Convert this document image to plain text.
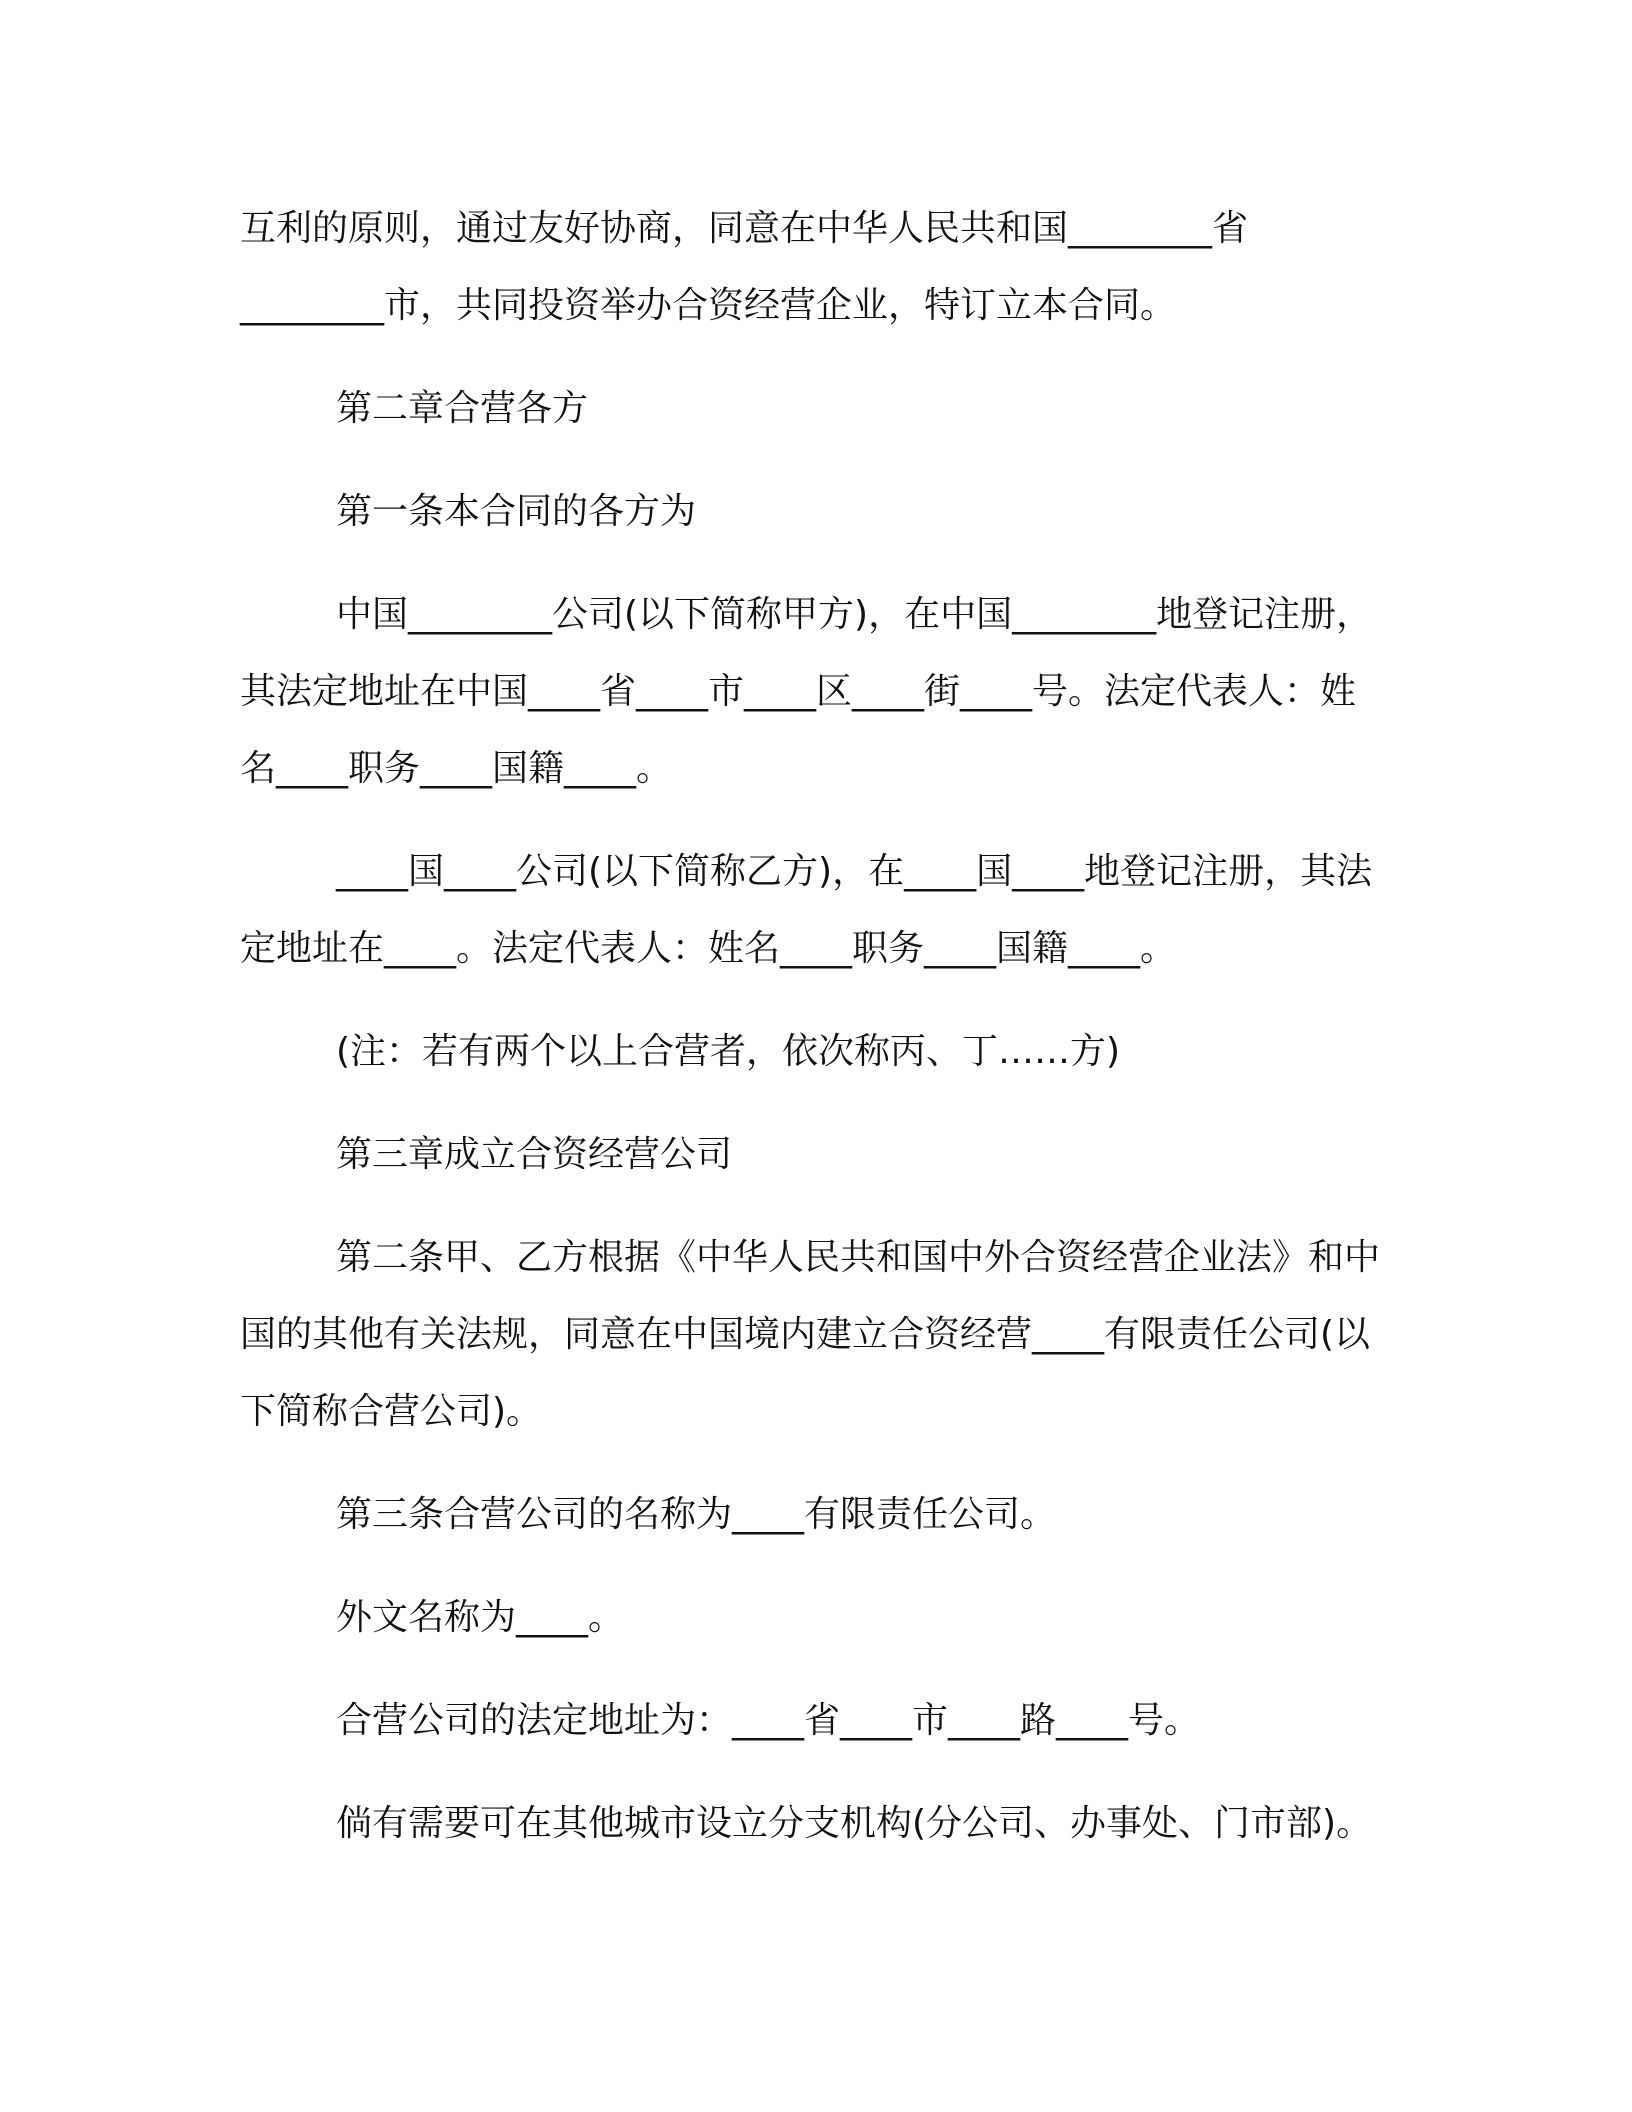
互利的原则，通过友好协商，同意在中华人民共和国________省________市，共同投资举办合资经营企业，特订立本合同。

第二章合营各方

第一条本合同的各方为

中国________公司(以下简称甲方)，在中国________地登记注册，其法定地址在中国____省____市____区____街____号。法定代表人：姓名____职务____国籍____。

____国____公司(以下简称乙方)，在____国____地登记注册，其法定地址在____。法定代表人：姓名____职务____国籍____。

(注：若有两个以上合营者，依次称丙、丁……方)

第三章成立合资经营公司

第二条甲、乙方根据《中华人民共和国中外合资经营企业法》和中国的其他有关法规，同意在中国境内建立合资经营____有限责任公司(以下简称合营公司)。

第三条合营公司的名称为____有限责任公司。

外文名称为____。

合营公司的法定地址为：____省____市____路____号。

倘有需要可在其他城市设立分支机构(分公司、办事处、门市部)。
